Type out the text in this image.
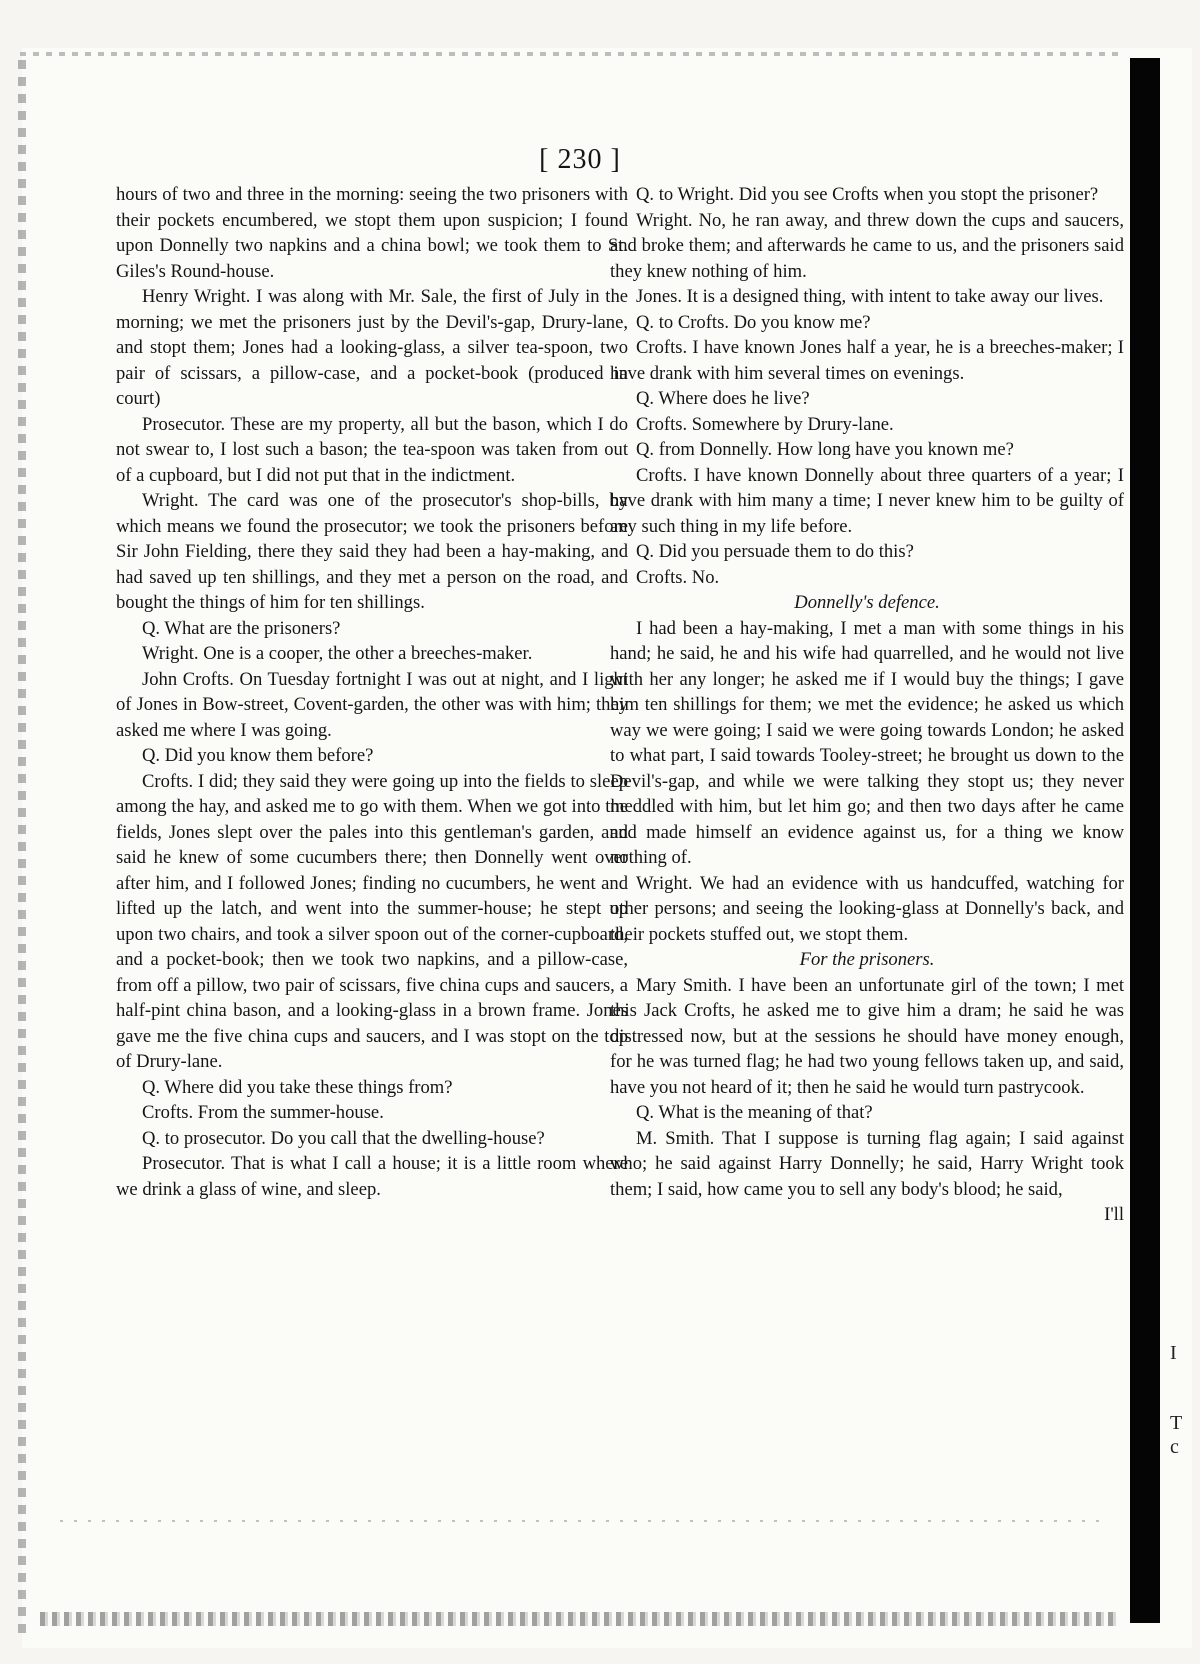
I
T
c
[ 230 ]

hours of two and three in the morning: seeing the two prisoners with their pockets encumbered, we stopt them upon suspicion; I found upon Donnelly two napkins and a china bowl; we took them to St. Giles's Round-house.

Henry Wright. I was along with Mr. Sale, the first of July in the morning; we met the prisoners just by the Devil's-gap, Drury-lane, and stopt them; Jones had a looking-glass, a silver tea-spoon, two pair of scissars, a pillow-case, and a pocket-book (produced in court)

Prosecutor. These are my property, all but the bason, which I do not swear to, I lost such a bason; the tea-spoon was taken from out of a cupboard, but I did not put that in the indictment.

Wright. The card was one of the prosecutor's shop-bills, by which means we found the prosecutor; we took the prisoners before Sir John Fielding, there they said they had been a hay-making, and had saved up ten shillings, and they met a person on the road, and bought the things of him for ten shillings.

Q. What are the prisoners?

Wright. One is a cooper, the other a breeches-maker.

John Crofts. On Tuesday fortnight I was out at night, and I light of Jones in Bow-street, Covent-garden, the other was with him; they asked me where I was going.

Q. Did you know them before?

Crofts. I did; they said they were going up into the fields to sleep among the hay, and asked me to go with them. When we got into the fields, Jones slept over the pales into this gentleman's garden, and said he knew of some cucumbers there; then Donnelly went over after him, and I followed Jones; finding no cucumbers, he went and lifted up the latch, and went into the summer-house; he stept up upon two chairs, and took a silver spoon out of the corner-cupboard, and a pocket-book; then we took two napkins, and a pillow-case, from off a pillow, two pair of scissars, five china cups and saucers, a half-pint china bason, and a looking-glass in a brown frame. Jones gave me the five china cups and saucers, and I was stopt on the top of Drury-lane.

Q. Where did you take these things from?

Crofts. From the summer-house.

Q. to prosecutor. Do you call that the dwelling-house?

Prosecutor. That is what I call a house; it is a little room where we drink a glass of wine, and sleep.

Q. to Wright. Did you see Crofts when you stopt the prisoner?

Wright. No, he ran away, and threw down the cups and saucers, and broke them; and afterwards he came to us, and the prisoners said they knew nothing of him.

Jones. It is a designed thing, with intent to take away our lives.

Q. to Crofts. Do you know me?

Crofts. I have known Jones half a year, he is a breeches-maker; I have drank with him several times on evenings.

Q. Where does he live?

Crofts. Somewhere by Drury-lane.

Q. from Donnelly. How long have you known me?

Crofts. I have known Donnelly about three quarters of a year; I have drank with him many a time; I never knew him to be guilty of any such thing in my life before.

Q. Did you persuade them to do this?

Crofts. No.

Donnelly's defence.

I had been a hay-making, I met a man with some things in his hand; he said, he and his wife had quarrelled, and he would not live with her any longer; he asked me if I would buy the things; I gave him ten shillings for them; we met the evidence; he asked us which way we were going; I said we were going towards London; he asked to what part, I said towards Tooley-street; he brought us down to the Devil's-gap, and while we were talking they stopt us; they never meddled with him, but let him go; and then two days after he came and made himself an evidence against us, for a thing we know nothing of.

Wright. We had an evidence with us handcuffed, watching for other persons; and seeing the looking-glass at Donnelly's back, and their pockets stuffed out, we stopt them.

For the prisoners.

Mary Smith. I have been an unfortunate girl of the town; I met this Jack Crofts, he asked me to give him a dram; he said he was distressed now, but at the sessions he should have money enough, for he was turned flag; he had two young fellows taken up, and said, have you not heard of it; then he said he would turn pastrycook.

Q. What is the meaning of that?

M. Smith. That I suppose is turning flag again; I said against who; he said against Harry Donnelly; he said, Harry Wright took them; I said, how came you to sell any body's blood; he said,

I'll
